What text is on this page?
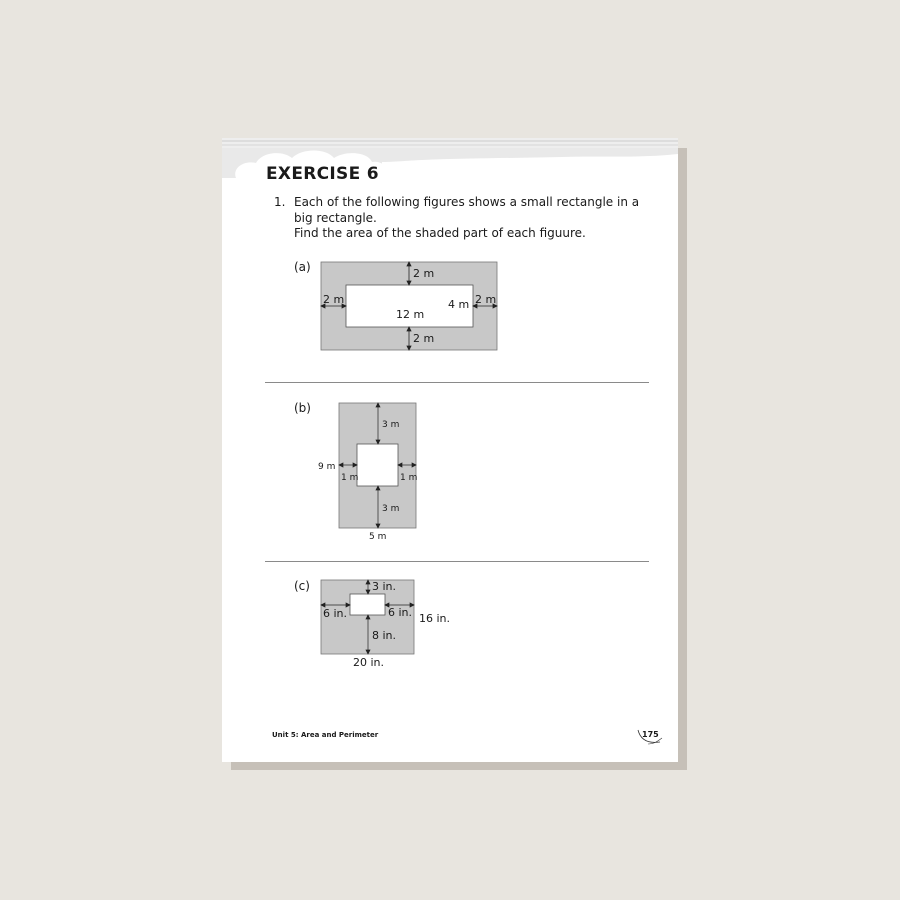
EXERCISE 6
1. Each of the following figures shows a small rectangle in a
big rectangle.
Find the area of the shaded part of each figuure.
(a)	2 m
2 m	4 m 2 m
12 m
2 m
(b)
3 m
9 m
1 m	1 m
3 m
5 m
(c)	3 in.
6 in.	6 in. 16 in.
8 in.
20 in.
Unit 5: Area and Perimeter	175
